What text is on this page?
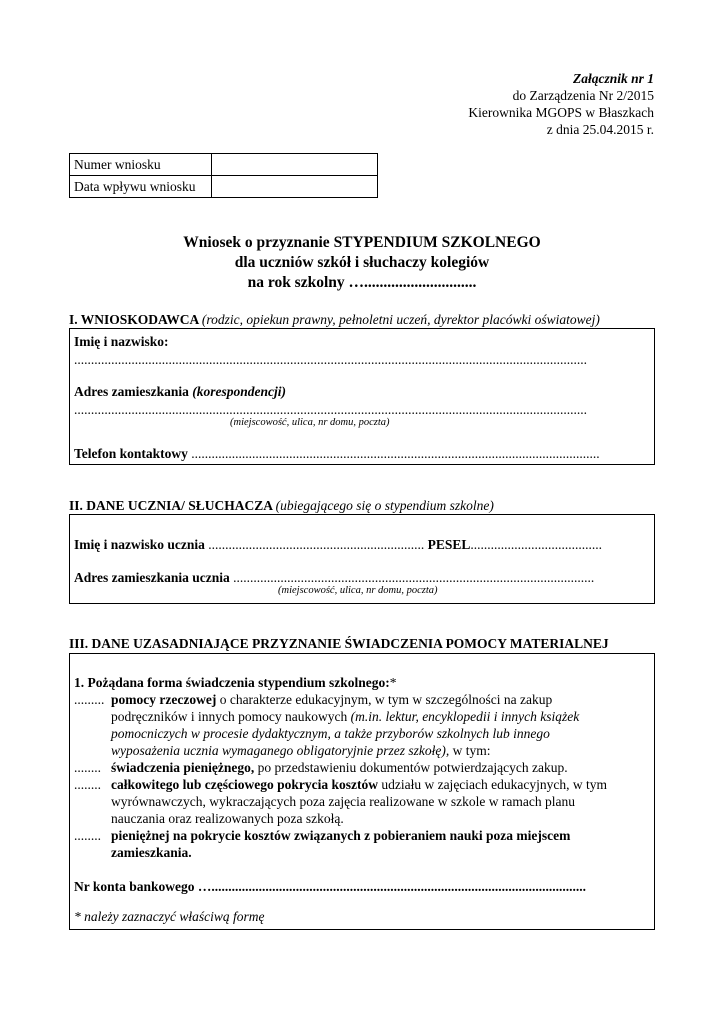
Załącznik nr 1
do Zarządzenia Nr 2/2015
Kierownika MGOPS w Błaszkach
z dnia 25.04.2015 r.
Numer wniosku	
Data wpływu wniosku	
Wniosek o przyznanie STYPENDIUM SZKOLNEGO
dla uczniów szkół i słuchaczy kolegiów
na rok szkolny ….............................
I. WNIOSKODAWCA (rodzic, opiekun prawny, pełnoletni uczeń, dyrektor placówki oświatowej)
Imię i nazwisko:
........................................................................................................................................................
Adres zamieszkania (korespondencji)
........................................................................................................................................................
(miejscowość, ulica, nr domu, poczta)
Telefon kontaktowy .........................................................................................................................
II. DANE UCZNIA/ SŁUCHACZA (ubiegającego się o stypendium szkolne)
Imię i nazwisko ucznia ................................................................ PESEL.......................................
Adres zamieszkania ucznia ...........................................................................................................
(miejscowość, ulica, nr domu, poczta)
III. DANE UZASADNIAJĄCE PRZYZNANIE ŚWIADCZENIA POMOCY MATERIALNEJ
1. Pożądana forma świadczenia stypendium szkolnego:*
......... pomocy rzeczowej o charakterze edukacyjnym, w tym w szczególności na zakup
podręczników i innych pomocy naukowych (m.in. lektur, encyklopedii i innych książek
pomocniczych w procesie dydaktycznym, a także przyborów szkolnych lub innego
wyposażenia ucznia wymaganego obligatoryjnie przez szkołę), w tym:
........ świadczenia pieniężnego, po przedstawieniu dokumentów potwierdzających zakup.
........ całkowitego lub częściowego pokrycia kosztów udziału w zajęciach edukacyjnych, w tym
wyrównawczych, wykraczających poza zajęcia realizowane w szkole w ramach planu
nauczania oraz realizowanych poza szkołą.
........ pieniężnej na pokrycie kosztów związanych z pobieraniem nauki poza miejscem
zamieszkania.
Nr konta bankowego …...............................................................................................................
* należy zaznaczyć właściwą formę
